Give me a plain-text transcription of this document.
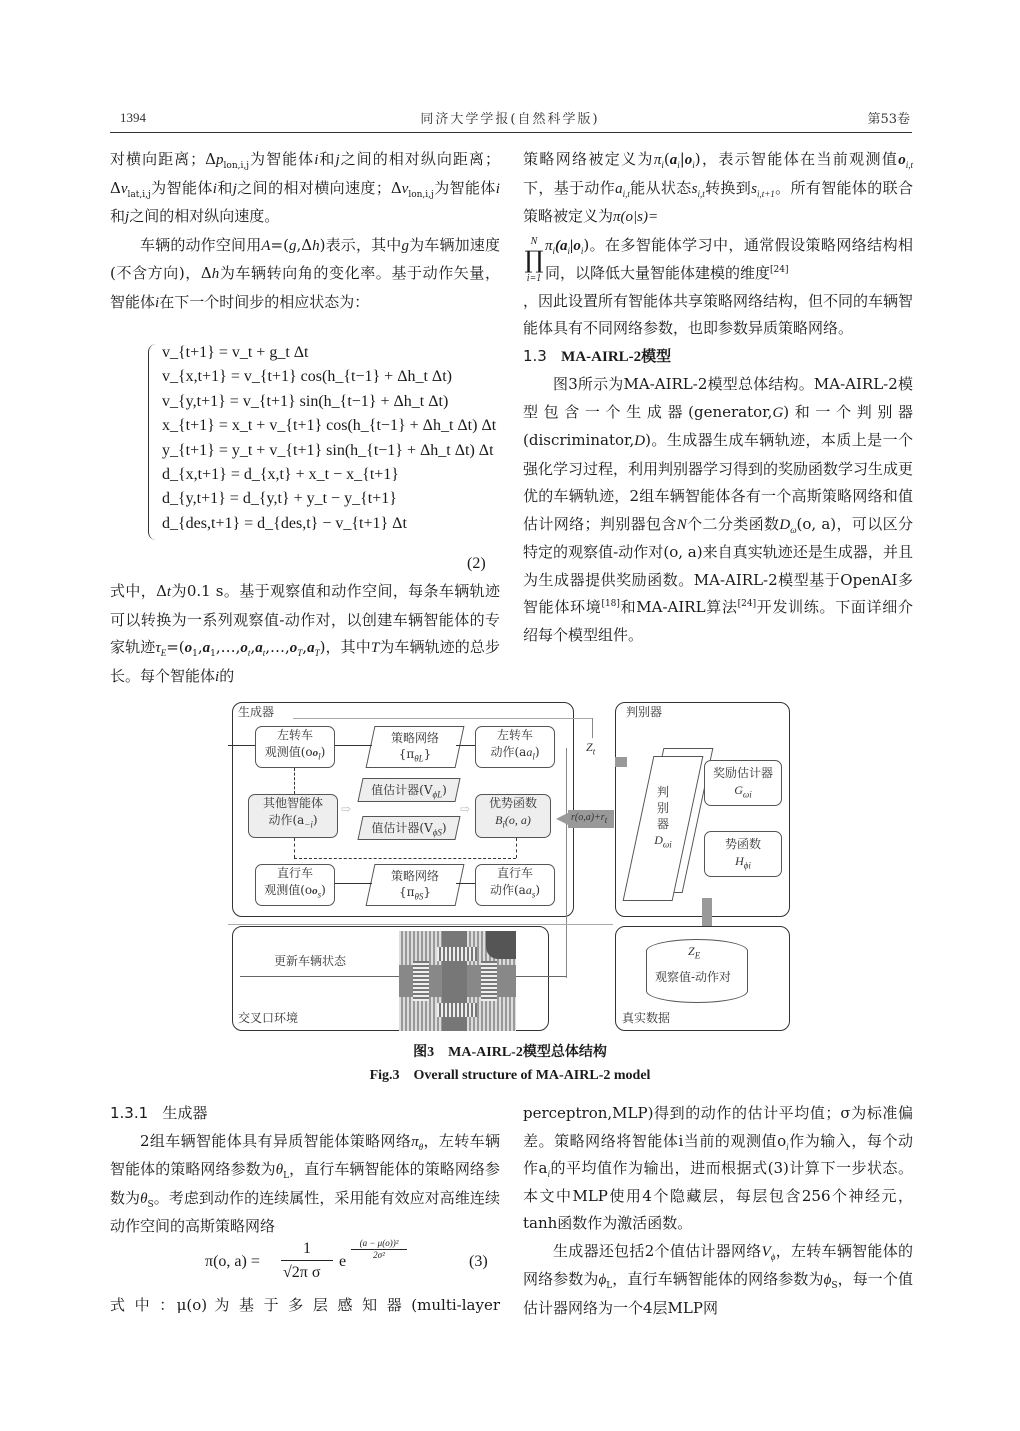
1394	同济大学学报(自然科学版)	第53卷

对横向距离；$\Delta p_{lon,i,j}$为智能体i和j之间的相对纵向距离；$\Delta v_{lat,i,j}$为智能体i和j之间的相对横向速度；$\Delta v_{lon,i,j}$为智能体i和j之间的相对纵向速度。

车辆的动作空间用A=(g,Δh)表示，其中g为车辆加速度(不含方向)，Δh为车辆转向角的变化率。基于动作矢量，智能体i在下一个时间步的相应状态为：

v_{t+1} = v_t + g_t Δt
v_{x,t+1} = v_{t+1} cos(h_{t−1} + Δh_t Δt)
v_{y,t+1} = v_{t+1} sin(h_{t−1} + Δh_t Δt)
x_{t+1} = x_t + v_{t+1} cos(h_{t−1} + Δh_t Δt) Δt
y_{t+1} = y_t + v_{t+1} sin(h_{t−1} + Δh_t Δt) Δt
d_{x,t+1} = d_{x,t} + x_t − x_{t+1}
d_{y,t+1} = d_{y,t} + y_t − y_{t+1}
d_{des,t+1} = d_{des,t} − v_{t+1} Δt
(2)

式中，Δt为0.1 s。基于观察值和动作空间，每条车辆轨迹可以转换为一系列观察值-动作对，以创建车辆智能体的专家轨迹$\tau_E=(o_1,a_1,\dots,o_t,a_t,\dots,o_T,a_T)$，其中T为车辆轨迹的总步长。每个智能体i的

策略网络被定义为$\pi_i(a_i|o_i)$，表示智能体在当前观测值$o_{i,t}$下，基于动作$a_{i,t}$能从状态$s_{i,t}$转换到$s_{i,t+1}$。所有智能体的联合策略被定义为π(o|s)=

N
∏
i=1
$\pi_i(a_i|o_i)$。在多智能体学习中，通常假设策略网络结构相同，以降低大量智能体建模的维度[24]

，因此设置所有智能体共享策略网络结构，但不同的车辆智能体具有不同网络参数，也即参数异质策略网络。

1.3 MA-AIRL-2模型

图3所示为MA-AIRL-2模型总体结构。MA-AIRL-2模型包含一个生成器(generator,G)和一个判别器(discriminator,D)。生成器生成车辆轨迹，本质上是一个强化学习过程，利用判别器学习得到的奖励函数学习生成更优的车辆轨迹，2组车辆智能体各有一个高斯策略网络和值估计网络；判别器包含N个二分类函数$D_\omega(o$, a)，可以区分特定的观察值-动作对(o, a)来自真实轨迹还是生成器，并且为生成器提供奖励函数。MA-AIRL-2模型基于OpenAI多智能体环境[18]和MA-AIRL算法[24]开发训练。下面详细介绍每个模型组件。

生成器
左转车
观测值$(oo_l)$
策略网络
$\{\pi_{\theta L}\}$
左转车
动作$(aa_l)$
其他智能体
动作$(a_{-i})$
值估计器$(V_{\phi L})$
值估计器$(V_{\phi S})$
优势函数
$B_i(o$, a)
⇨	⇨
直行车
观测值$(oo_s)$
策略网络
$\{\pi_{\theta S}\}$
直行车
动作$(aa_s)$
$Z_t$
◀ $r(o,a)+r_t$
判别器
判
别
器
$D_{\omega i}$
奖励估计器
$G_{\omega i}$
势函数
$H_{\phi i}$
更新车辆状态
交叉口环境
$Z_E$
观察值-动作对
真实数据
图3　MA-AIRL-2模型总体结构
Fig.3　Overall structure of MA-AIRL-2 model

1.3.1 生成器

2组车辆智能体具有异质智能体策略网络$\pi_\theta$，左转车辆智能体的策略网络参数为$\theta_L$，直行车辆智能体的策略网络参数为$\theta_S$。考虑到动作的连续属性，采用能有效应对高维连续动作空间的高斯策略网络

π(o, a) =
1
√2π σ
e
(a − μ(o))²
2σ²	(3)

式 中 ：μ(o) 为 基 于 多 层 感 知 器 (multi-layer

perceptron,MLP)得到的动作的估计平均值；σ为标准偏差。策略网络将智能体i当前的观测值$o_i$作为输入，每个动作$a_i$的平均值作为输出，进而根据式(3)计算下一步状态。本文中MLP使用4个隐藏层，每层包含256个神经元，tanh函数作为激活函数。

生成器还包括2个值估计器网络$V_\phi$，左转车辆智能体的网络参数为$\phi_L$，直行车辆智能体的网络参数为$\phi_S$，每一个值估计器网络为一个4层MLP网
